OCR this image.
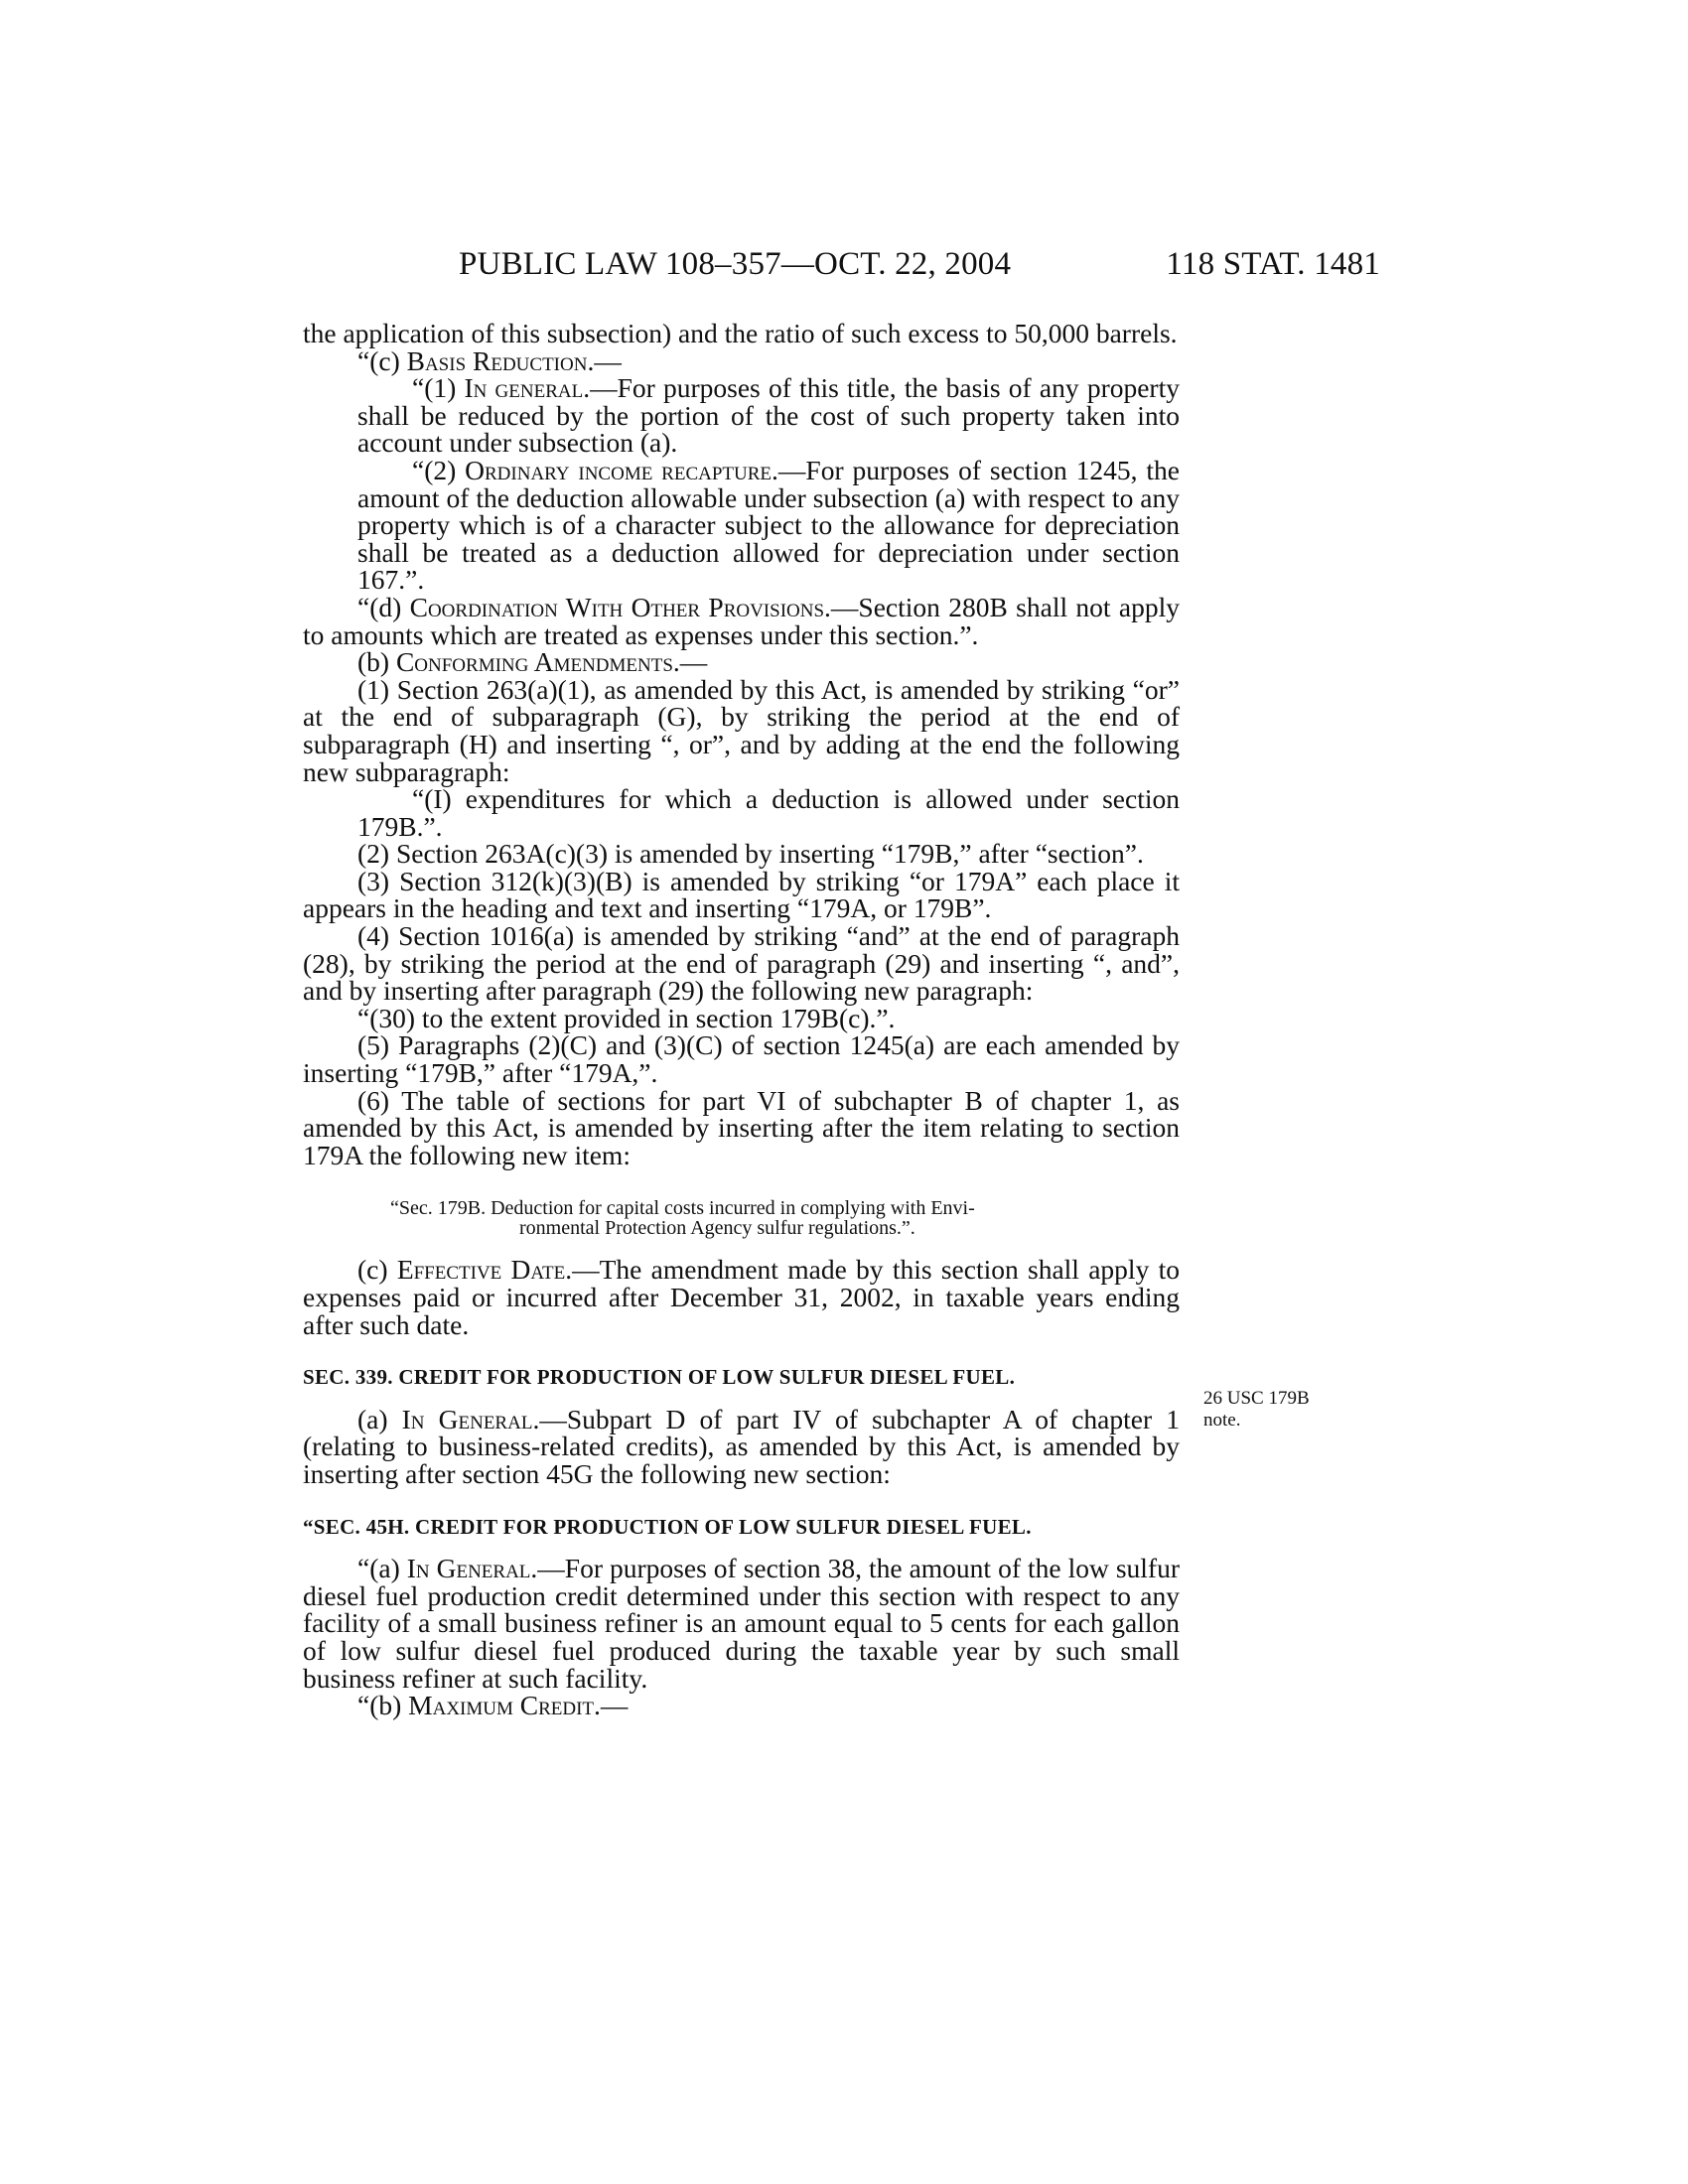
PUBLIC LAW 108–357—OCT. 22, 2004	118 STAT. 1481

the application of this subsection) and the ratio of such excess to 50,000 barrels.

“(c) Basis Reduction.—

“(1) In general.—For purposes of this title, the basis of any property shall be reduced by the portion of the cost of such property taken into account under subsection (a).

“(2) Ordinary income recapture.—For purposes of section 1245, the amount of the deduction allowable under subsection (a) with respect to any property which is of a character subject to the allowance for depreciation shall be treated as a deduction allowed for depreciation under section 167.”.

“(d) Coordination With Other Provisions.—Section 280B shall not apply to amounts which are treated as expenses under this section.”.

(b) Conforming Amendments.—

(1) Section 263(a)(1), as amended by this Act, is amended by striking “or” at the end of subparagraph (G), by striking the period at the end of subparagraph (H) and inserting “, or”, and by adding at the end the following new subparagraph:

“(I) expenditures for which a deduction is allowed under section 179B.”.

(2) Section 263A(c)(3) is amended by inserting “179B,” after “section”.

(3) Section 312(k)(3)(B) is amended by striking “or 179A” each place it appears in the heading and text and inserting “179A, or 179B”.

(4) Section 1016(a) is amended by striking “and” at the end of paragraph (28), by striking the period at the end of paragraph (29) and inserting “, and”, and by inserting after paragraph (29) the following new paragraph:

“(30) to the extent provided in section 179B(c).”.

(5) Paragraphs (2)(C) and (3)(C) of section 1245(a) are each amended by inserting “179B,” after “179A,”.

(6) The table of sections for part VI of subchapter B of chapter 1, as amended by this Act, is amended by inserting after the item relating to section 179A the following new item:

“Sec. 179B. Deduction for capital costs incurred in complying with Envi-
ronmental Protection Agency sulfur regulations.”.

(c) Effective Date.—The amendment made by this section shall apply to expenses paid or incurred after December 31, 2002, in taxable years ending after such date.

SEC. 339. CREDIT FOR PRODUCTION OF LOW SULFUR DIESEL FUEL.

(a) In General.—Subpart D of part IV of subchapter A of chapter 1 (relating to business-related credits), as amended by this Act, is amended by inserting after section 45G the following new section:

“SEC. 45H. CREDIT FOR PRODUCTION OF LOW SULFUR DIESEL FUEL.

“(a) In General.—For purposes of section 38, the amount of the low sulfur diesel fuel production credit determined under this section with respect to any facility of a small business refiner is an amount equal to 5 cents for each gallon of low sulfur diesel fuel produced during the taxable year by such small business refiner at such facility.

“(b) Maximum Credit.—

26 USC 179B
note.
